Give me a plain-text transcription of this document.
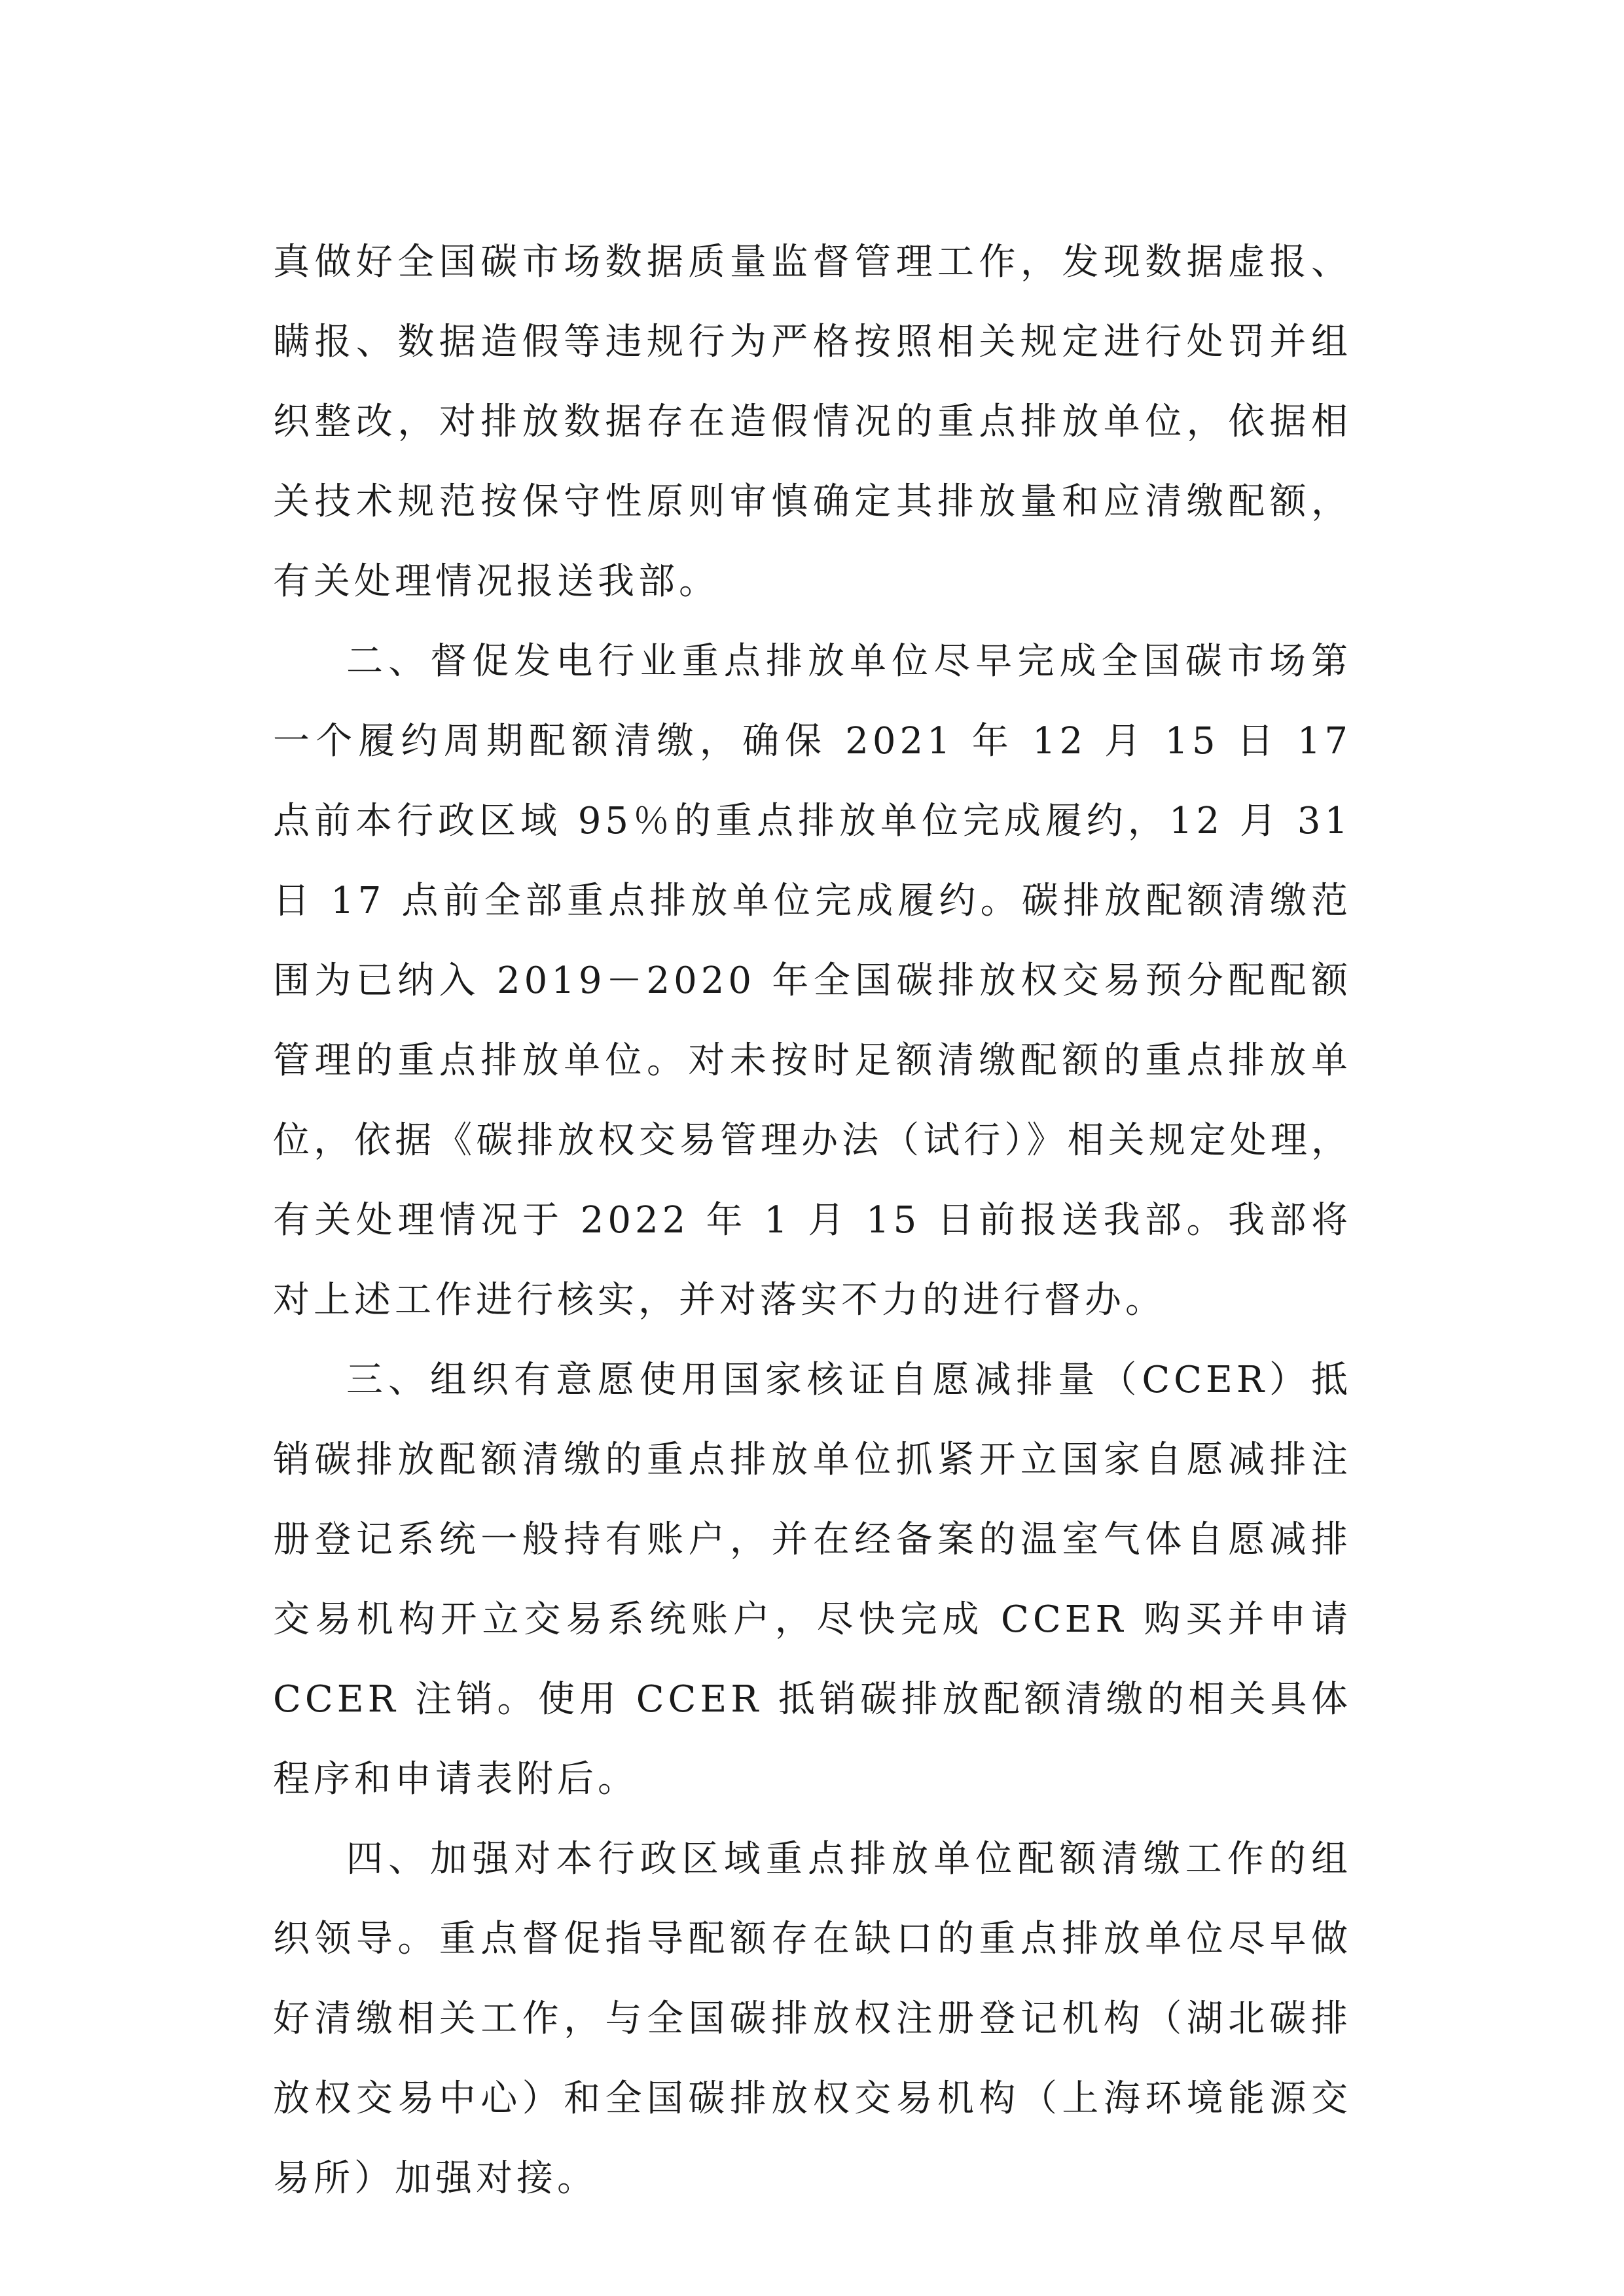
真做好全国碳市场数据质量监督管理工作，发现数据虚报、瞒报、数据造假等违规行为严格按照相关规定进行处罚并组织整改，对排放数据存在造假情况的重点排放单位，依据相关技术规范按保守性原则审慎确定其排放量和应清缴配额，有关处理情况报送我部。

二、督促发电行业重点排放单位尽早完成全国碳市场第一个履约周期配额清缴，确保 2021 年 12 月 15 日 17 点前本行政区域 95％的重点排放单位完成履约，12 月 31 日 17 点前全部重点排放单位完成履约。碳排放配额清缴范围为已纳入 2019－2020 年全国碳排放权交易预分配配额管理的重点排放单位。对未按时足额清缴配额的重点排放单位，依据《碳排放权交易管理办法（试行）》相关规定处理，有关处理情况于 2022 年 1 月 15 日前报送我部。我部将对上述工作进行核实，并对落实不力的进行督办。

三、组织有意愿使用国家核证自愿减排量（CCER）抵销碳排放配额清缴的重点排放单位抓紧开立国家自愿减排注册登记系统一般持有账户，并在经备案的温室气体自愿减排交易机构开立交易系统账户，尽快完成 CCER 购买并申请 CCER 注销。使用 CCER 抵销碳排放配额清缴的相关具体程序和申请表附后。

四、加强对本行政区域重点排放单位配额清缴工作的组织领导。重点督促指导配额存在缺口的重点排放单位尽早做好清缴相关工作，与全国碳排放权注册登记机构（湖北碳排放权交易中心）和全国碳排放权交易机构（上海环境能源交易所）加强对接。
